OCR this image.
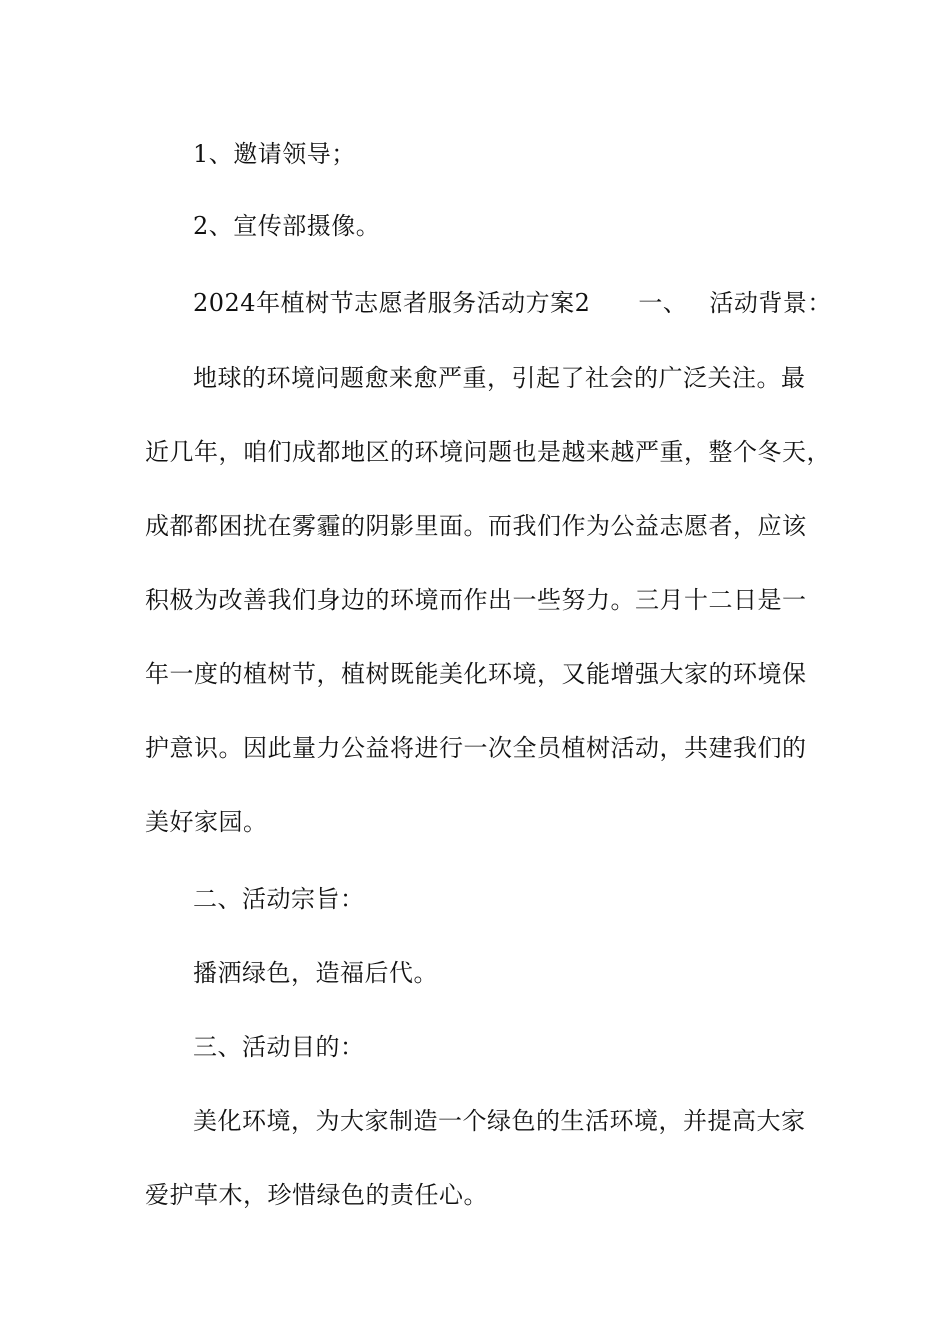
1、邀请领导；
2、宣传部摄像。
2024年植树节志愿者服务活动方案2 一、 活动背景：
地球的环境问题愈来愈严重，引起了社会的广泛关注。最
近几年，咱们成都地区的环境问题也是越来越严重，整个冬天，
成都都困扰在雾霾的阴影里面。而我们作为公益志愿者，应该
积极为改善我们身边的环境而作出一些努力。三月十二日是一
年一度的植树节，植树既能美化环境，又能增强大家的环境保
护意识。因此量力公益将进行一次全员植树活动，共建我们的
美好家园。
二、活动宗旨：
播洒绿色，造福后代。
三、活动目的：
美化环境，为大家制造一个绿色的生活环境，并提高大家
爱护草木，珍惜绿色的责任心。
